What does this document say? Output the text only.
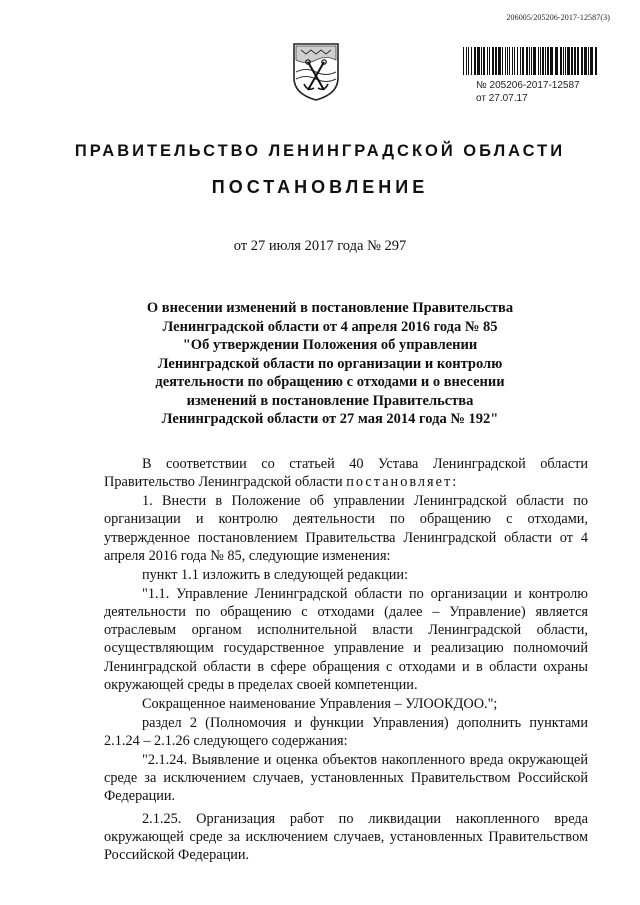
206005/205206-2017-12587(3)
№ 205206-2017-12587
от 27.07.17
ПРАВИТЕЛЬСТВО ЛЕНИНГРАДСКОЙ ОБЛАСТИ
ПОСТАНОВЛЕНИЕ
от 27 июля 2017 года № 297
О внесении изменений в постановление Правительства
Ленинградской области от 4 апреля 2016 года № 85
"Об утверждении Положения об управлении
Ленинградской области по организации и контролю
деятельности по обращению с отходами и о внесении
изменений в постановление Правительства
Ленинградской области от 27 мая 2014 года № 192"

В соответствии со статьей 40 Устава Ленинградской области Правительство Ленинградской области постановляет:

1. Внести в Положение об управлении Ленинградской области по организации и контролю деятельности по обращению с отходами, утвержденное постановлением Правительства Ленинградской области от 4 апреля 2016 года № 85, следующие изменения:

пункт 1.1 изложить в следующей редакции:

"1.1. Управление Ленинградской области по организации и контролю деятельности по обращению с отходами (далее – Управление) является отраслевым органом исполнительной власти Ленинградской области, осуществляющим государственное управление и реализацию полномочий Ленинградской области в сфере обращения с отходами и в области охраны окружающей среды в пределах своей компетенции.

Сокращенное наименование Управления – УЛООКДОО.";

раздел 2 (Полномочия и функции Управления) дополнить пунктами 2.1.24 – 2.1.26 следующего содержания:

"2.1.24. Выявление и оценка объектов накопленного вреда окружающей среде за исключением случаев, установленных Правительством Российской Федерации.

2.1.25. Организация работ по ликвидации накопленного вреда окружающей среде за исключением случаев, установленных Правительством Российской Федерации.
